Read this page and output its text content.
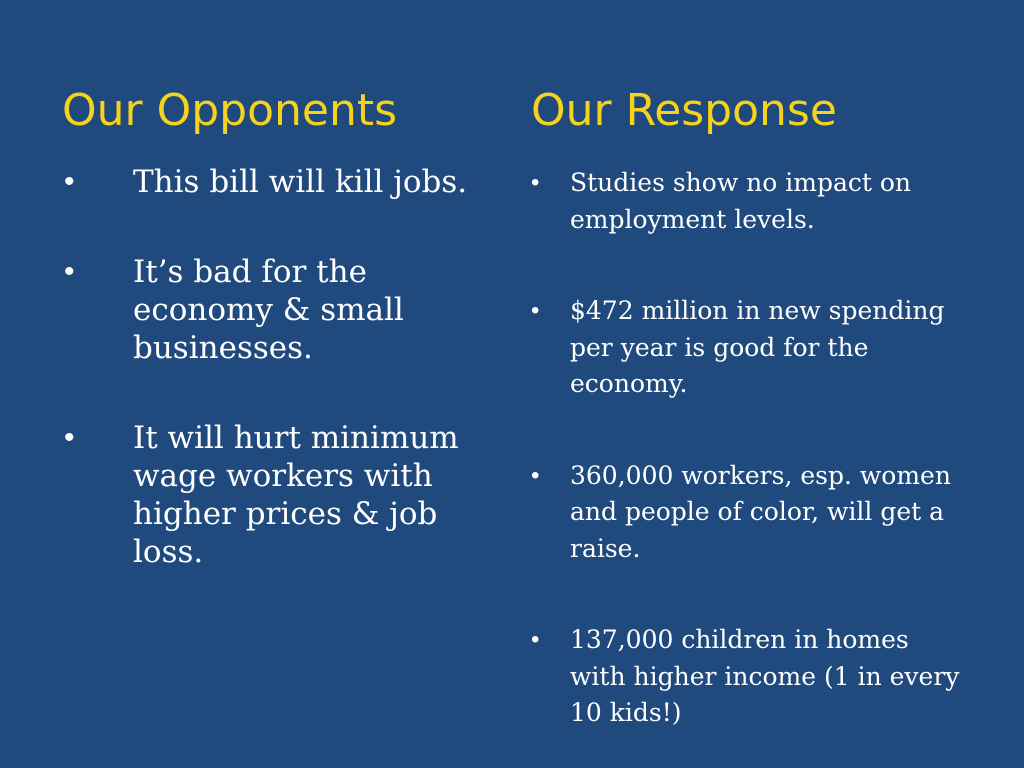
Our Opponents	Our Response
• This bill will kill jobs.
• It’s bad for the economy & small businesses.
• It will hurt minimum wage workers with higher prices & job loss.
• Studies show no impact on employment levels.
• $472 million in new spending per year is good for the economy.
• 360,000 workers, esp. women and people of color, will get a raise.
• 137,000 children in homes with higher income (1 in every 10 kids!)
